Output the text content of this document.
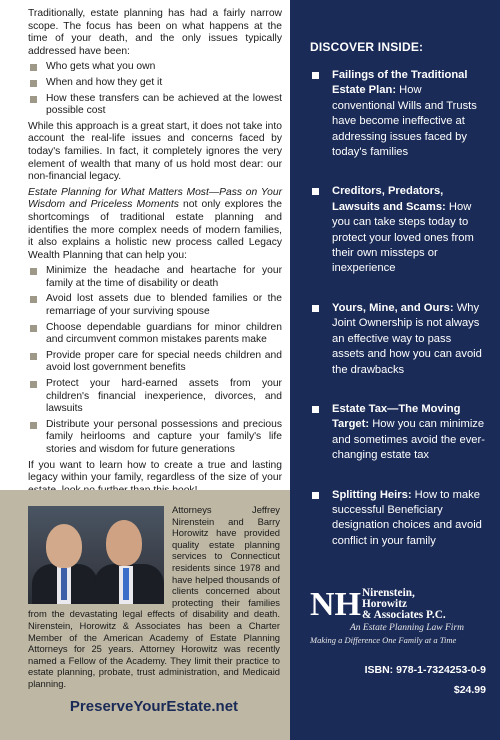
Traditionally, estate planning has had a fairly narrow scope. The focus has been on what happens at the time of your death, and the only issues typically addressed have been:

Who gets what you own
When and how they get it
How these transfers can be achieved at the lowest possible cost

While this approach is a great start, it does not take into account the real-life issues and concerns faced by today's families. In fact, it completely ignores the very element of wealth that many of us hold most dear: our non-financial legacy.

Estate Planning for What Matters Most—Pass on Your Wisdom and Priceless Moments not only explores the shortcomings of traditional estate planning and identifies the more complex needs of modern families, it also explains a holistic new process called Legacy Wealth Planning that can help you:

Minimize the headache and heartache for your family at the time of disability or death
Avoid lost assets due to blended families or the remarriage of your surviving spouse
Choose dependable guardians for minor children and circumvent common mistakes parents make
Provide proper care for special needs children and avoid lost government benefits
Protect your hard-earned assets from your children's financial inexperience, divorces, and lawsuits
Distribute your personal possessions and precious family heirlooms and capture your family's life stories and wisdom for future generations

If you want to learn how to create a true and lasting legacy within your family, regardless of the size of your

Attorneys Jeffrey Nirenstein and Barry Horowitz have provided quality estate planning services to Connecticut residents since 1978 and have helped thousands of clients concerned about protecting their families from the devastating legal effects of disability and death. Nirenstein, Horowitz & Associates has been a Charter Member of the American Academy of Estate Planning Attorneys for 25 years. Attorney Horowitz was recently named a Fellow of the Academy. They limit their practice to estate planning, probate, trust administration, and Medicaid planning.

PreserveYourEstate.net
DISCOVER INSIDE:
Failings of the Traditional Estate Plan: How conventional Wills and Trusts have become ineffective at addressing issues faced by today's families
Creditors, Predators, Lawsuits and Scams: How you can take steps today to protect your loved ones from their own missteps or inexperience
Yours, Mine, and Ours: Why Joint Ownership is not always an effective way to pass assets and how you can avoid the drawbacks
Estate Tax—The Moving Target: How you can minimize and sometimes avoid the ever-changing estate tax
Splitting Heirs: How to make successful Beneficiary designation choices and avoid conflict in your family
NH Nirenstein,
Horowitz
& Associates P.C.
An Estate Planning Law Firm
Making a Difference One Family at a Time
ISBN: 978-1-7324253-0-9
$24.99
